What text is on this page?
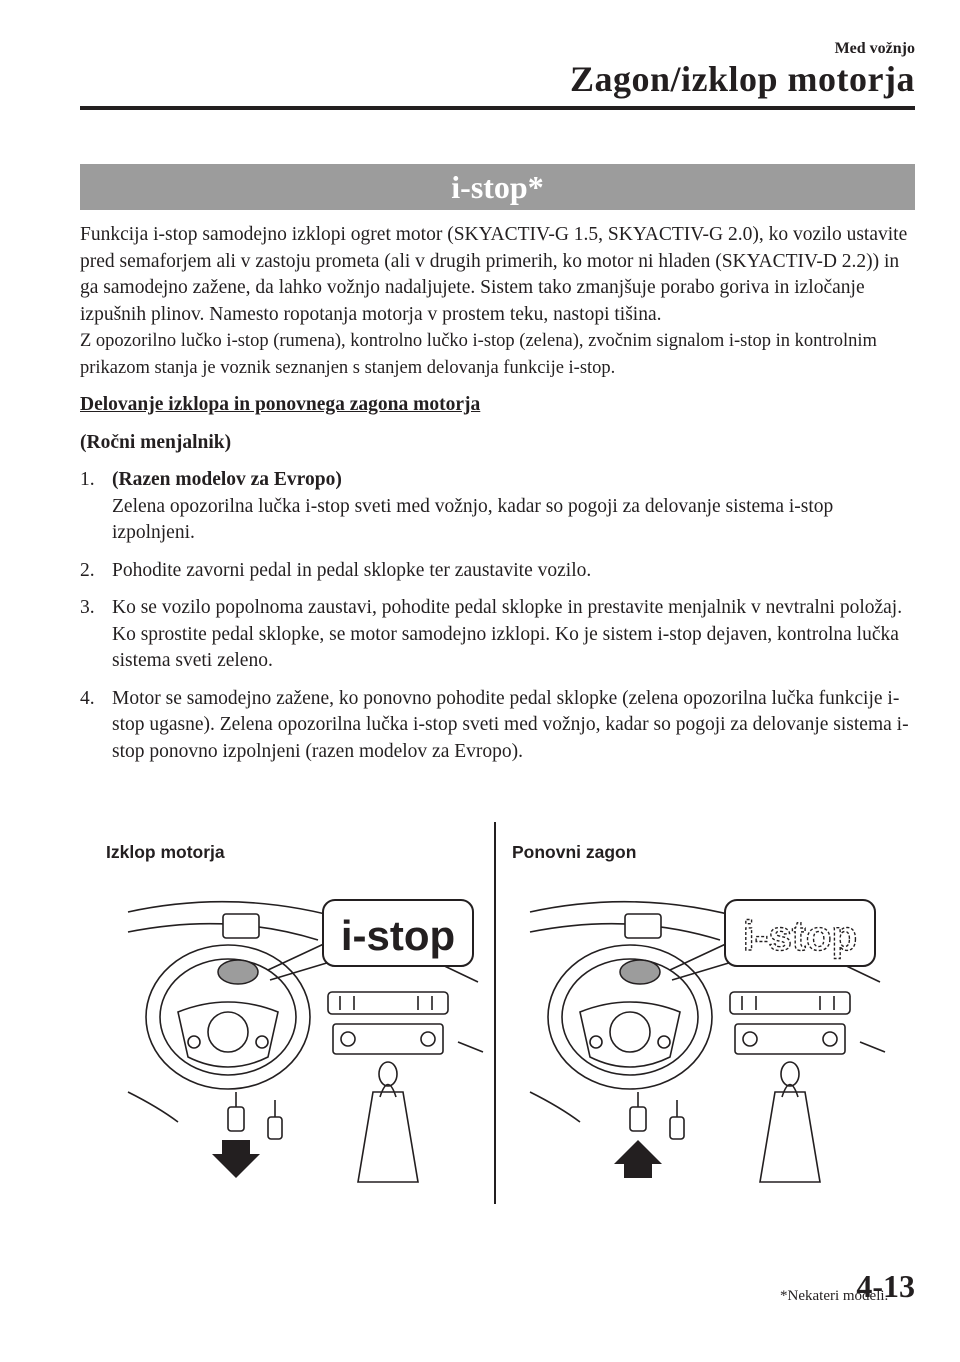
Med vožnjo
Zagon/izklop motorja
i-stop*

Funkcija i-stop samodejno izklopi ogret motor (SKYACTIV-G 1.5, SKYACTIV-G 2.0), ko vozilo ustavite pred semaforjem ali v zastoju prometa (ali v drugih primerih, ko motor ni hladen (SKYACTIV-D 2.2)) in ga samodejno zažene, da lahko vožnjo nadaljujete. Sistem tako zmanjšuje porabo goriva in izločanje izpušnih plinov. Namesto ropotanja motorja v prostem teku, nastopi tišina.

Z opozorilno lučko i-stop (rumena), kontrolno lučko i-stop (zelena), zvočnim signalom i-stop in kontrolnim prikazom stanja je voznik seznanjen s stanjem delovanja funkcije i-stop.

Delovanje izklopa in ponovnega zagona motorja

(Ročni menjalnik)

1. (Razen modelov za Evropo)
Zelena opozorilna lučka i-stop sveti med vožnjo, kadar so pogoji za delovanje sistema i-stop izpolnjeni.
2. Pohodite zavorni pedal in pedal sklopke ter zaustavite vozilo.
3. Ko se vozilo popolnoma zaustavi, pohodite pedal sklopke in prestavite menjalnik v nevtralni položaj. Ko sprostite pedal sklopke, se motor samodejno izklopi. Ko je sistem i-stop dejaven, kontrolna lučka sistema sveti zeleno.
4. Motor se samodejno zažene, ko ponovno pohodite pedal sklopke (zelena opozorilna lučka funkcije i-stop ugasne). Zelena opozorilna lučka i-stop sveti med vožnjo, kadar so pogoji za delovanje sistema i-stop ponovno izpolnjeni (razen modelov za Evropo).
Izklop motorja	Ponovni zagon
i-stop	i-stop
*Nekateri modeli.
4-13
